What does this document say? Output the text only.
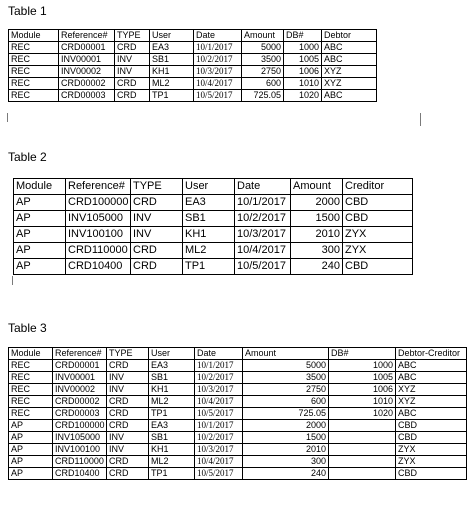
Table 1
Module	Reference#	TYPE	User	Date	Amount	DB#	Debtor
REC	CRD00001	CRD	EA3	10/1/2017	5000	1000	ABC
REC	INV00001	INV	SB1	10/2/2017	3500	1005	ABC
REC	INV00002	INV	KH1	10/3/2017	2750	1006	XYZ
REC	CRD00002	CRD	ML2	10/4/2017	600	1010	XYZ
REC	CRD00003	CRD	TP1	10/5/2017	725.05	1020	ABC
Table 2
Module	Reference#	TYPE	User	Date	Amount	Creditor
AP	CRD100000	CRD	EA3	10/1/2017	2000	CBD
AP	INV105000	INV	SB1	10/2/2017	1500	CBD
AP	INV100100	INV	KH1	10/3/2017	2010	ZYX
AP	CRD110000	CRD	ML2	10/4/2017	300	ZYX
AP	CRD10400	CRD	TP1	10/5/2017	240	CBD
Table 3
Module	Reference#	TYPE	User	Date	Amount	DB#	Debtor-Creditor
REC	CRD00001	CRD	EA3	10/1/2017	5000	1000	ABC
REC	INV00001	INV	SB1	10/2/2017	3500	1005	ABC
REC	INV00002	INV	KH1	10/3/2017	2750	1006	XYZ
REC	CRD00002	CRD	ML2	10/4/2017	600	1010	XYZ
REC	CRD00003	CRD	TP1	10/5/2017	725.05	1020	ABC
AP	CRD100000	CRD	EA3	10/1/2017	2000		CBD
AP	INV105000	INV	SB1	10/2/2017	1500		CBD
AP	INV100100	INV	KH1	10/3/2017	2010		ZYX
AP	CRD110000	CRD	ML2	10/4/2017	300		ZYX
AP	CRD10400	CRD	TP1	10/5/2017	240		CBD
